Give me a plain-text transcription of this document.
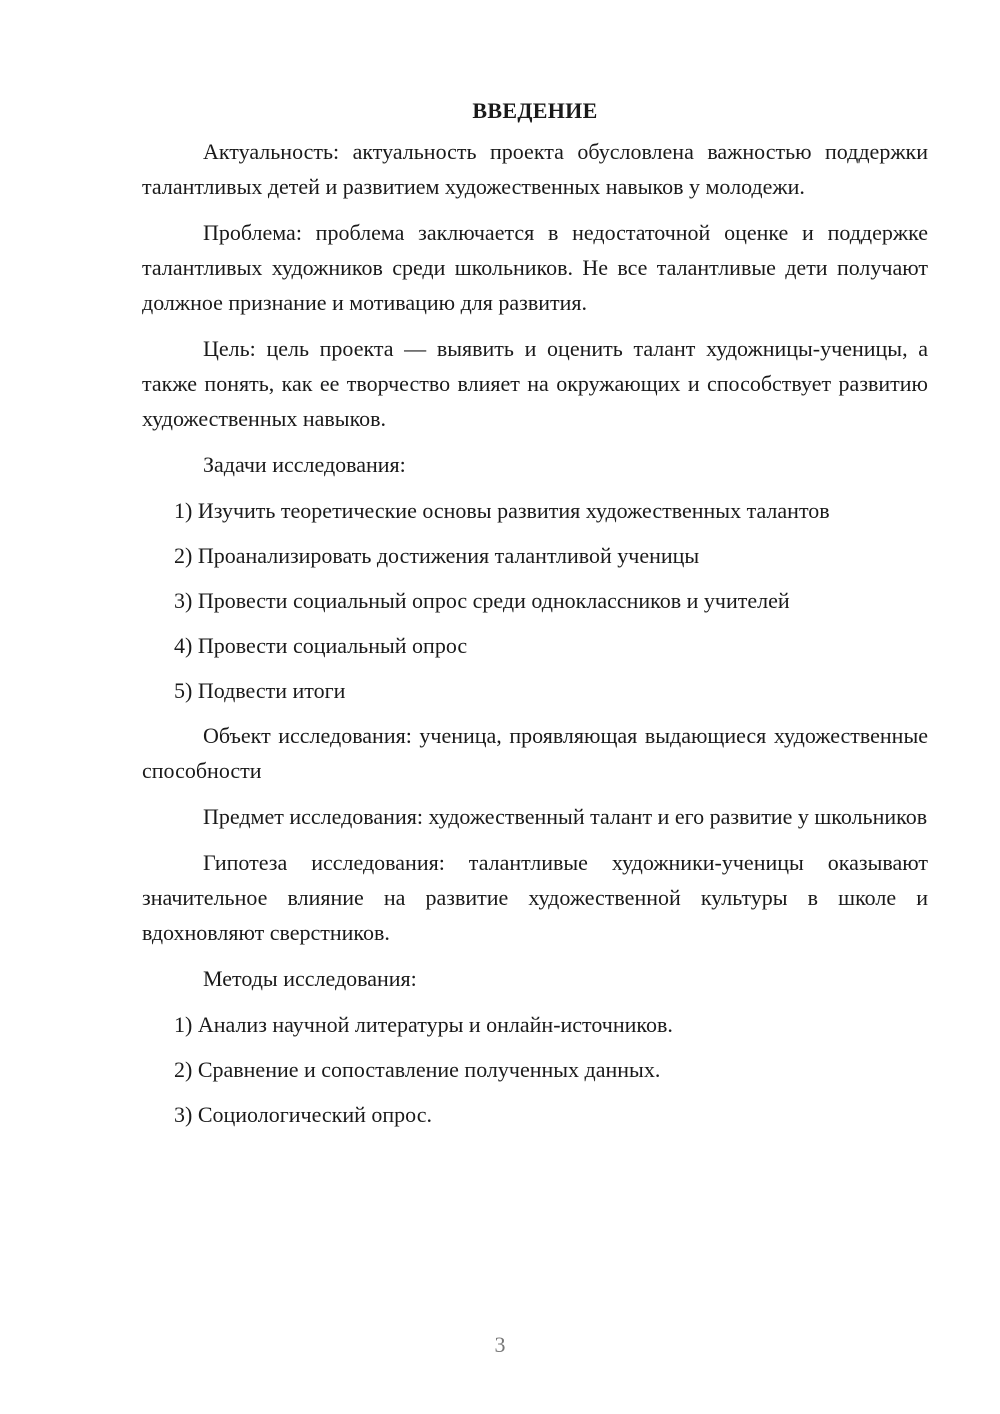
ВВЕДЕНИЕ

Актуальность: актуальность проекта обусловлена важностью поддержки талантливых детей и развитием художественных навыков у молодежи.

Проблема: проблема заключается в недостаточной оценке и поддержке талантливых художников среди школьников. Не все талантливые дети получают должное признание и мотивацию для развития.

Цель: цель проекта — выявить и оценить талант художницы-ученицы, а также понять, как ее творчество влияет на окружающих и способствует развитию художественных навыков.

Задачи исследования:

1) Изучить теоретические основы развития художественных талантов
2) Проанализировать достижения талантливой ученицы
3) Провести социальный опрос среди одноклассников и учителей
4) Провести социальный опрос
5) Подвести итоги

Объект исследования: ученица, проявляющая выдающиеся художественные способности

Предмет исследования: художественный талант и его развитие у школьников

Гипотеза исследования: талантливые художники-ученицы оказывают значительное влияние на развитие художественной культуры в школе и вдохновляют сверстников.

Методы исследования:

1) Анализ научной литературы и онлайн-источников.
2) Сравнение и сопоставление полученных данных.
3) Социологический опрос.
3
